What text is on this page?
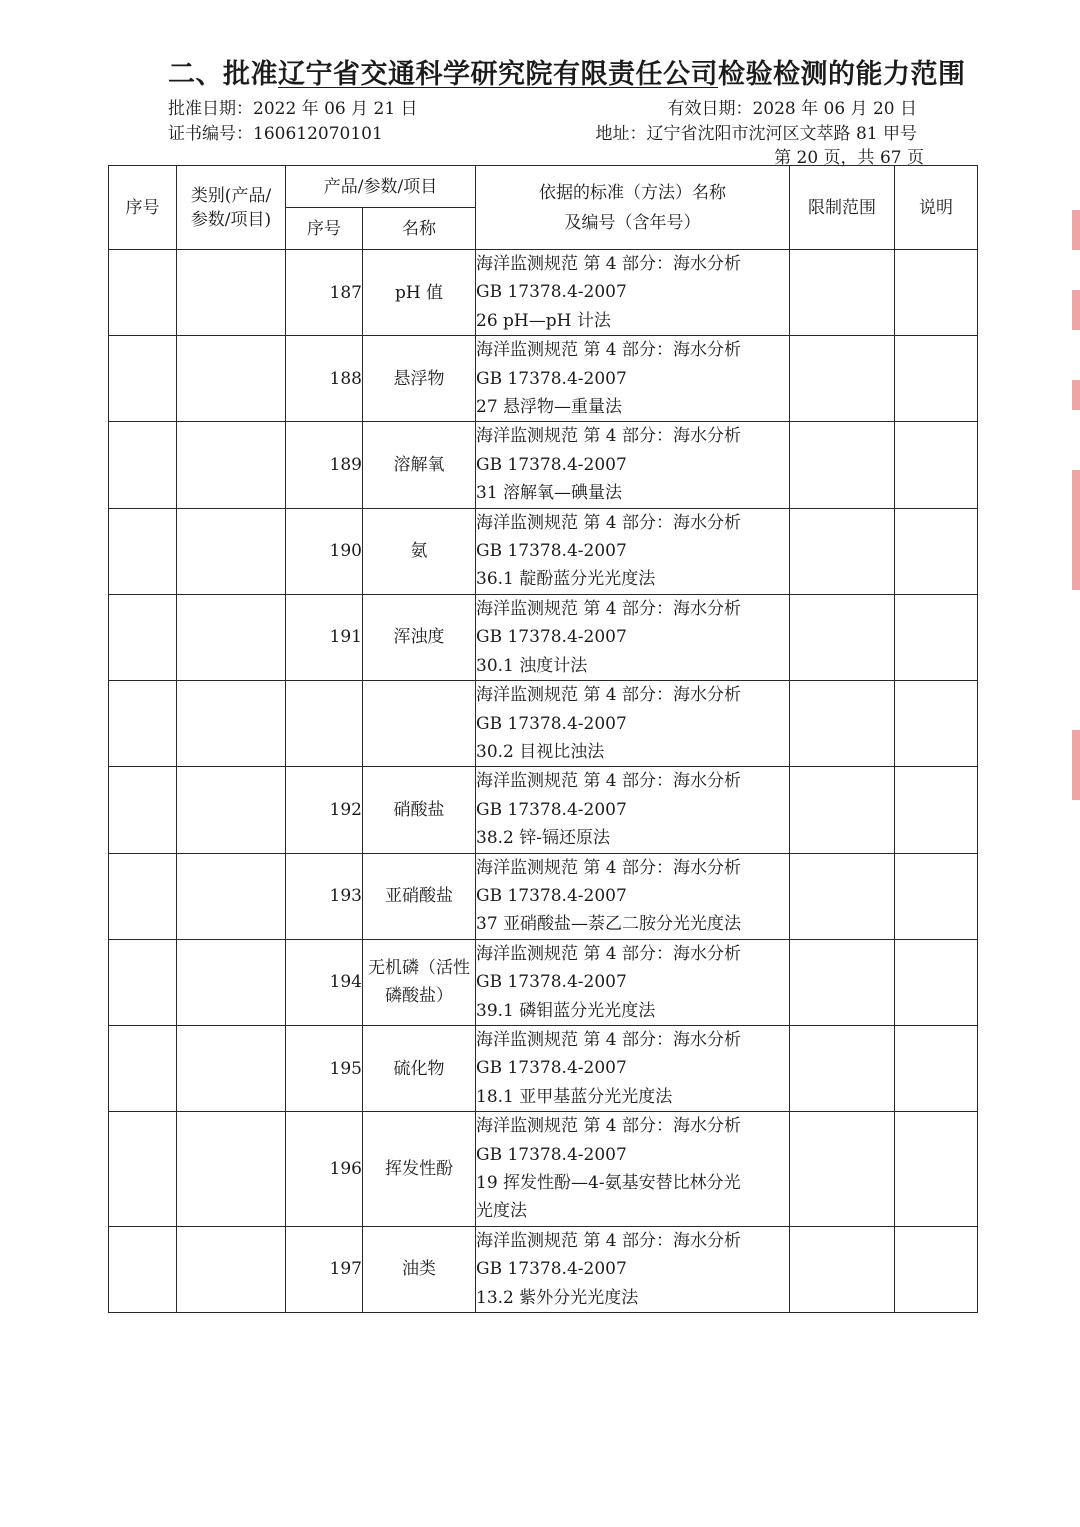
二、批准辽宁省交通科学研究院有限责任公司检验检测的能力范围
批准日期：2022 年 06 月 21 日	有效日期：2028 年 06 月 20 日
证书编号：160612070101	地址：辽宁省沈阳市沈河区文萃路 81 甲号
第 20 页，共 67 页
序号	类别(产品/参数/项目)	产品/参数/项目		依据的标准（方法）名称
及编号（含年号）	限制范围	说明
		序号	名称			
		187	pH 值	海洋监测规范 第 4 部分：海水分析
GB 17378.4-2007
26 pH—pH 计法		

		188	悬浮物	海洋监测规范 第 4 部分：海水分析
GB 17378.4-2007
27 悬浮物—重量法		

		189	溶解氧	海洋监测规范 第 4 部分：海水分析
GB 17378.4-2007
31 溶解氧—碘量法		

		190	氨	海洋监测规范 第 4 部分：海水分析
GB 17378.4-2007
36.1 靛酚蓝分光光度法		

		191	浑浊度	海洋监测规范 第 4 部分：海水分析
GB 17378.4-2007
30.1 浊度计法		

				海洋监测规范 第 4 部分：海水分析
GB 17378.4-2007
30.2 目视比浊法		

		192	硝酸盐	海洋监测规范 第 4 部分：海水分析
GB 17378.4-2007
38.2 锌-镉还原法		

		193	亚硝酸盐	海洋监测规范 第 4 部分：海水分析
GB 17378.4-2007
37 亚硝酸盐—萘乙二胺分光光度法		

		194	无机磷（活性磷酸盐）	海洋监测规范 第 4 部分：海水分析
GB 17378.4-2007
39.1 磷钼蓝分光光度法		

		195	硫化物	海洋监测规范 第 4 部分：海水分析
GB 17378.4-2007
18.1 亚甲基蓝分光光度法		

		196	挥发性酚	海洋监测规范 第 4 部分：海水分析
GB 17378.4-2007
19 挥发性酚—4-氨基安替比林分光
光度法		

		197	油类	海洋监测规范 第 4 部分：海水分析
GB 17378.4-2007
13.2 紫外分光光度法		
